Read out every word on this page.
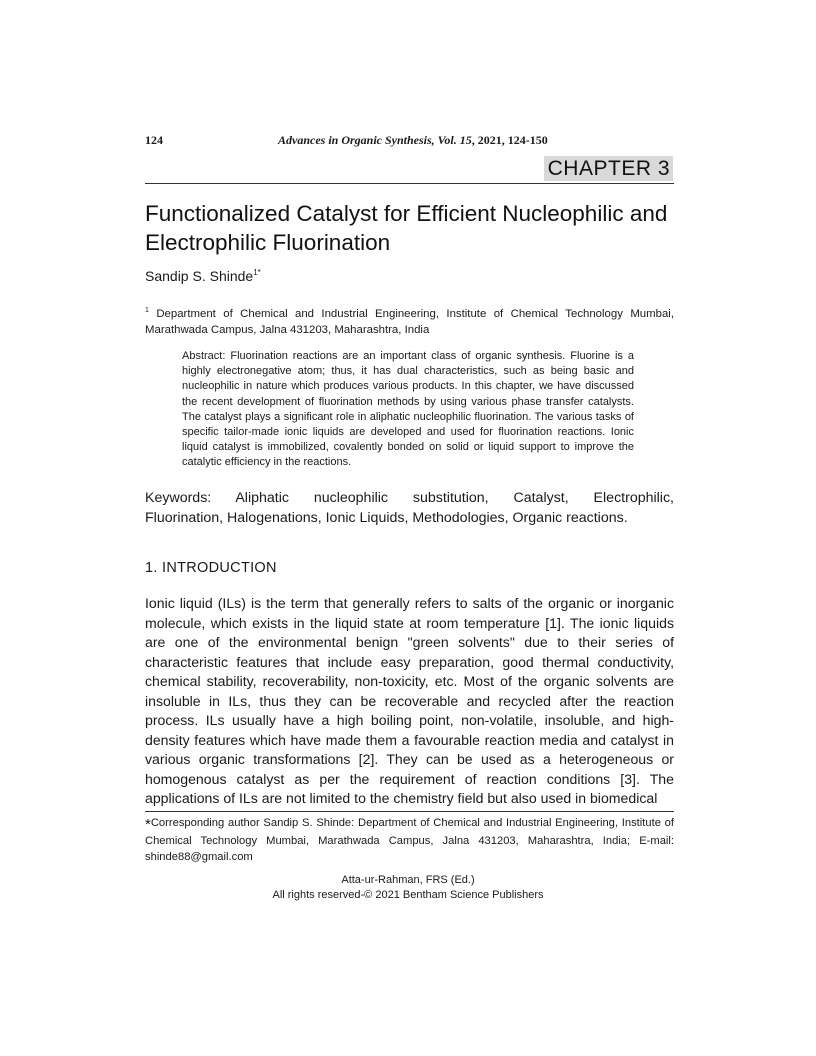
124	Advances in Organic Synthesis, Vol. 15, 2021, 124-150
CHAPTER 3
Functionalized Catalyst for Efficient Nucleophilic and Electrophilic Fluorination
Sandip S. Shinde$^{1*}$
$^1$ Department of Chemical and Industrial Engineering, Institute of Chemical Technology Mumbai, Marathwada Campus, Jalna 431203, Maharashtra, India
Abstract: Fluorination reactions are an important class of organic synthesis. Fluorine is a highly electronegative atom; thus, it has dual characteristics, such as being basic and nucleophilic in nature which produces various products. In this chapter, we have discussed the recent development of fluorination methods by using various phase transfer catalysts. The catalyst plays a significant role in aliphatic nucleophilic fluorination. The various tasks of specific tailor-made ionic liquids are developed and used for fluorination reactions. Ionic liquid catalyst is immobilized, covalently bonded on solid or liquid support to improve the catalytic efficiency in the reactions.
Keywords: Aliphatic nucleophilic substitution, Catalyst, Electrophilic,
Fluorination, Halogenations, Ionic Liquids, Methodologies, Organic reactions.
1. INTRODUCTION
Ionic liquid (ILs) is the term that generally refers to salts of the organic or inorganic molecule, which exists in the liquid state at room temperature [1]. The ionic liquids are one of the environmental benign "green solvents" due to their series of characteristic features that include easy preparation, good thermal conductivity, chemical stability, recoverability, non-toxicity, etc. Most of the organic solvents are insoluble in ILs, thus they can be recoverable and recycled after the reaction process. ILs usually have a high boiling point, non-volatile, insoluble, and high-density features which have made them a favourable reaction media and catalyst in various organic transformations [2]. They can be used as a heterogeneous or homogenous catalyst as per the requirement of reaction conditions [3]. The applications of ILs are not limited to the chemistry field but also used in biomedical
*Corresponding author Sandip S. Shinde: Department of Chemical and Industrial Engineering, Institute of Chemical Technology Mumbai, Marathwada Campus, Jalna 431203, Maharashtra, India; E-mail: shinde88@gmail.com
Atta-ur-Rahman, FRS (Ed.)
All rights reserved-© 2021 Bentham Science Publishers
